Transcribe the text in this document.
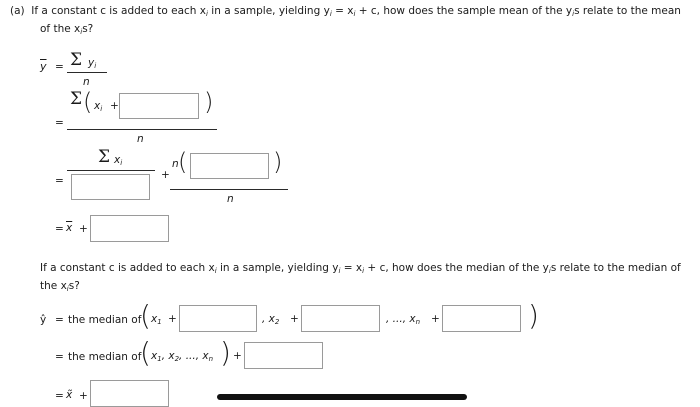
(a)  If a constant c is added to each xi in a sample, yielding yi = xi + c, how does the sample mean of the yis relate to the mean
of the xis?
$\overline{y} = \Sigma$ yi
n
=
Σ ( xi +	)
n
=
Σ xi
+
n (	)
n
= $\overline{x}$ +
If a constant c is added to each xi in a sample, yielding yi = xi + c, how does the median of the yis relate to the median of
the xis?
ŷ = the median of
( $x_1$ +	, $x_2$ +	, ..., xn +	)
= the median of
( $x_1$, $x_2$, ..., xn ) +
= x̃ +
